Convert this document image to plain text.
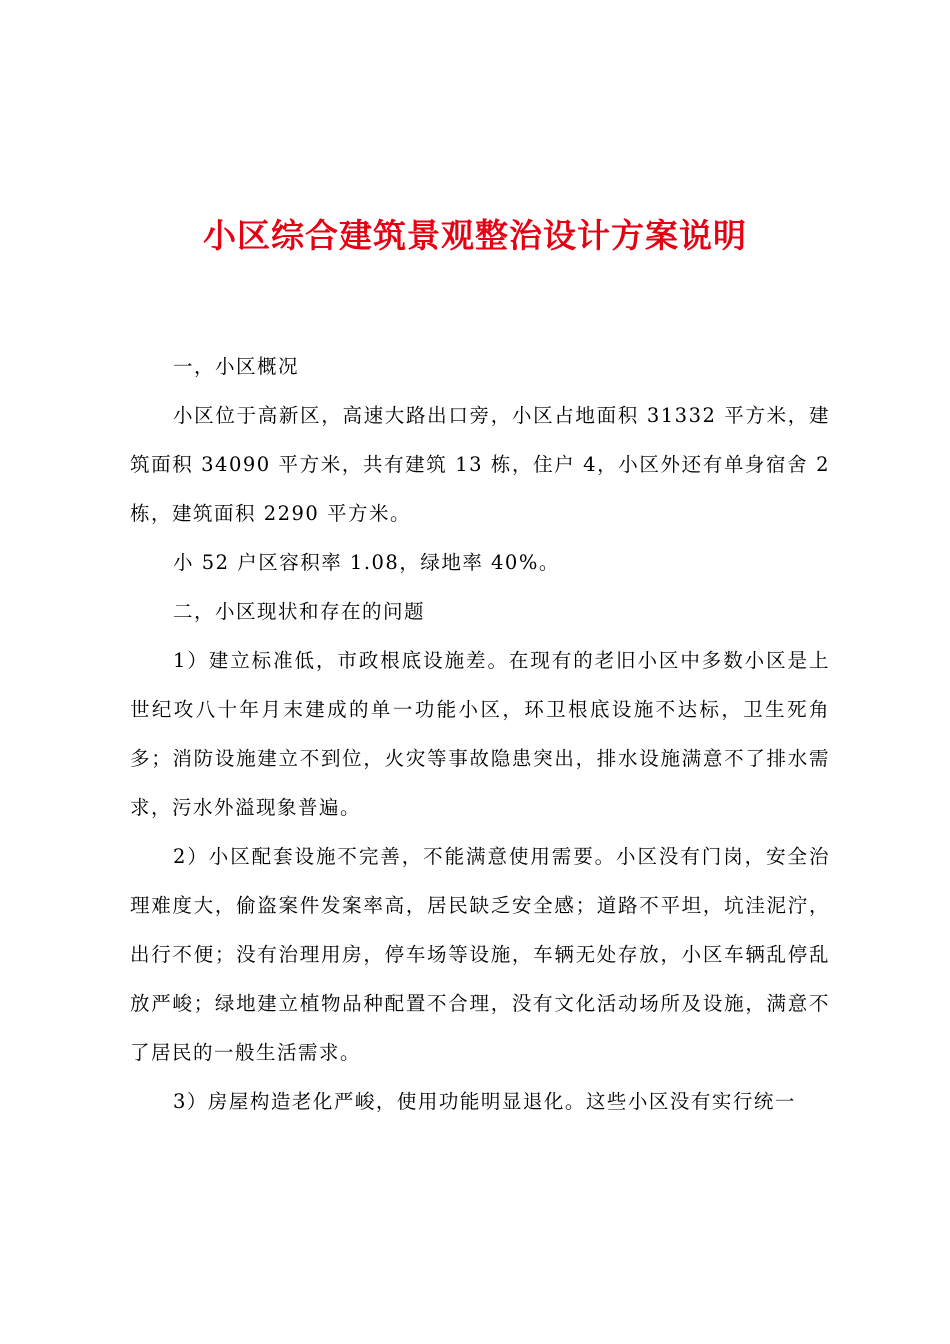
小区综合建筑景观整治设计方案说明

一，小区概况

小区位于高新区，高速大路出口旁，小区占地面积 31332 平方米，建筑面积 34090 平方米，共有建筑 13 栋，住户 4，小区外还有单身宿舍 2 栋，建筑面积 2290 平方米。

小 52 户区容积率 1.08，绿地率 40%。

二，小区现状和存在的问题

1）建立标准低，市政根底设施差。在现有的老旧小区中多数小区是上世纪攻八十年月末建成的单一功能小区，环卫根底设施不达标，卫生死角多；消防设施建立不到位，火灾等事故隐患突出，排水设施满意不了排水需求，污水外溢现象普遍。

2）小区配套设施不完善，不能满意使用需要。小区没有门岗，安全治理难度大，偷盗案件发案率高，居民缺乏安全感；道路不平坦，坑洼泥泞，出行不便；没有治理用房，停车场等设施，车辆无处存放，小区车辆乱停乱放严峻；绿地建立植物品种配置不合理，没有文化活动场所及设施，满意不了居民的一般生活需求。

3）房屋构造老化严峻，使用功能明显退化。这些小区没有实行统一
